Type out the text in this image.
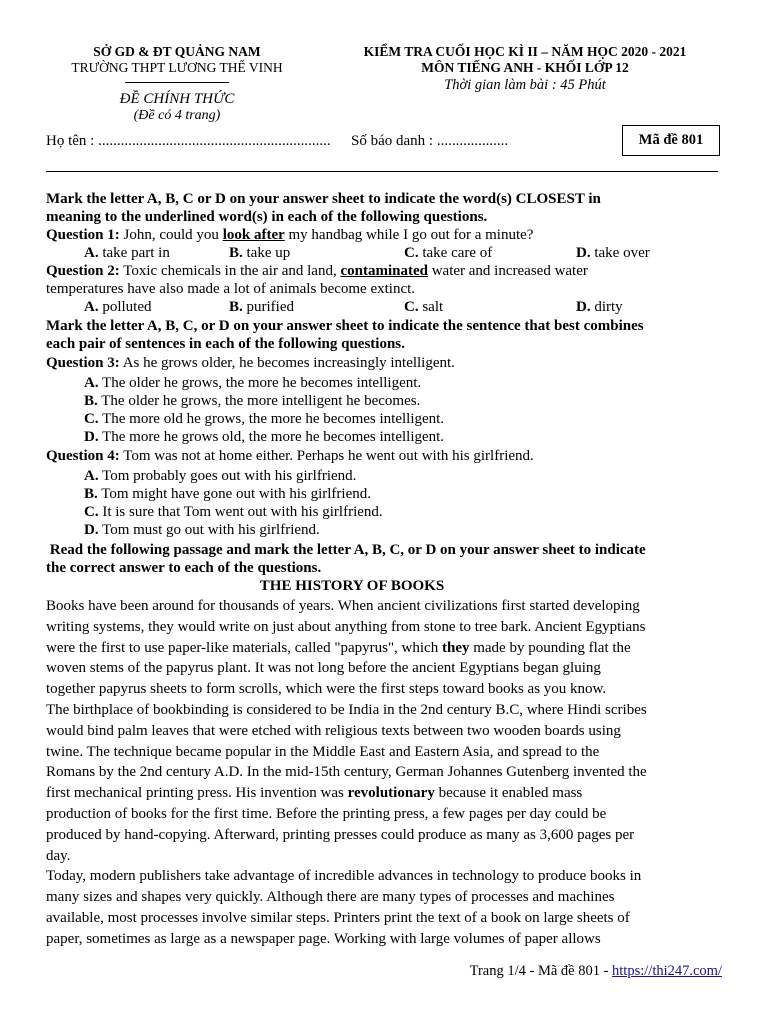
SỞ GD & ĐT QUẢNG NAM
TRƯỜNG THPT LƯƠNG THẾ VINH
ĐỀ CHÍNH THỨC
(Đề có 4 trang)
KIỂM TRA CUỐI HỌC KÌ II – NĂM HỌC 2020 - 2021
MÔN TIẾNG ANH - KHỐI LỚP 12
Thời gian làm bài : 45 Phút
Họ tên : .............................................................. Số báo danh : ...................	Mã đề 801
Mark the letter A, B, C or D on your answer sheet to indicate the word(s) CLOSEST in
meaning to the underlined word(s) in each of the following questions.
Question 1: John, could you look after my handbag while I go out for a minute?
A. take part in	B. take up	C. take care of	D. take over
Question 2: Toxic chemicals in the air and land, contaminated water and increased water
temperatures have also made a lot of animals become extinct.
A. polluted	B. purified	C. salt	D. dirty
Mark the letter A, B, C, or D on your answer sheet to indicate the sentence that best combines
each pair of sentences in each of the following questions.
Question 3: As he grows older, he becomes increasingly intelligent.
A. The older he grows, the more he becomes intelligent.
B. The older he grows, the more intelligent he becomes.
C. The more old he grows, the more he becomes intelligent.
D. The more he grows old, the more he becomes intelligent.
Question 4: Tom was not at home either. Perhaps he went out with his girlfriend.
A. Tom probably goes out with his girlfriend.
B. Tom might have gone out with his girlfriend.
C. It is sure that Tom went out with his girlfriend.
D. Tom must go out with his girlfriend.
Read the following passage and mark the letter A, B, C, or D on your answer sheet to indicate
the correct answer to each of the questions.
THE HISTORY OF BOOKS

Books have been around for thousands of years. When ancient civilizations first started developing

writing systems, they would write on just about anything from stone to tree bark. Ancient Egyptians

were the first to use paper-like materials, called "papyrus", which they made by pounding flat the

woven stems of the papyrus plant. It was not long before the ancient Egyptians began gluing

together papyrus sheets to form scrolls, which were the first steps toward books as you know.

The birthplace of bookbinding is considered to be India in the 2nd century B.C, where Hindi scribes

would bind palm leaves that were etched with religious texts between two wooden boards using

twine. The technique became popular in the Middle East and Eastern Asia, and spread to the

Romans by the 2nd century A.D. In the mid-15th century, German Johannes Gutenberg invented the

first mechanical printing press. His invention was revolutionary because it enabled mass

production of books for the first time. Before the printing press, a few pages per day could be

produced by hand-copying. Afterward, printing presses could produce as many as 3,600 pages per

day.

Today, modern publishers take advantage of incredible advances in technology to produce books in

many sizes and shapes very quickly. Although there are many types of processes and machines

available, most processes involve similar steps. Printers print the text of a book on large sheets of

paper, sometimes as large as a newspaper page. Working with large volumes of paper allows

Trang 1/4 - Mã đề 801 - https://thi247.com/
